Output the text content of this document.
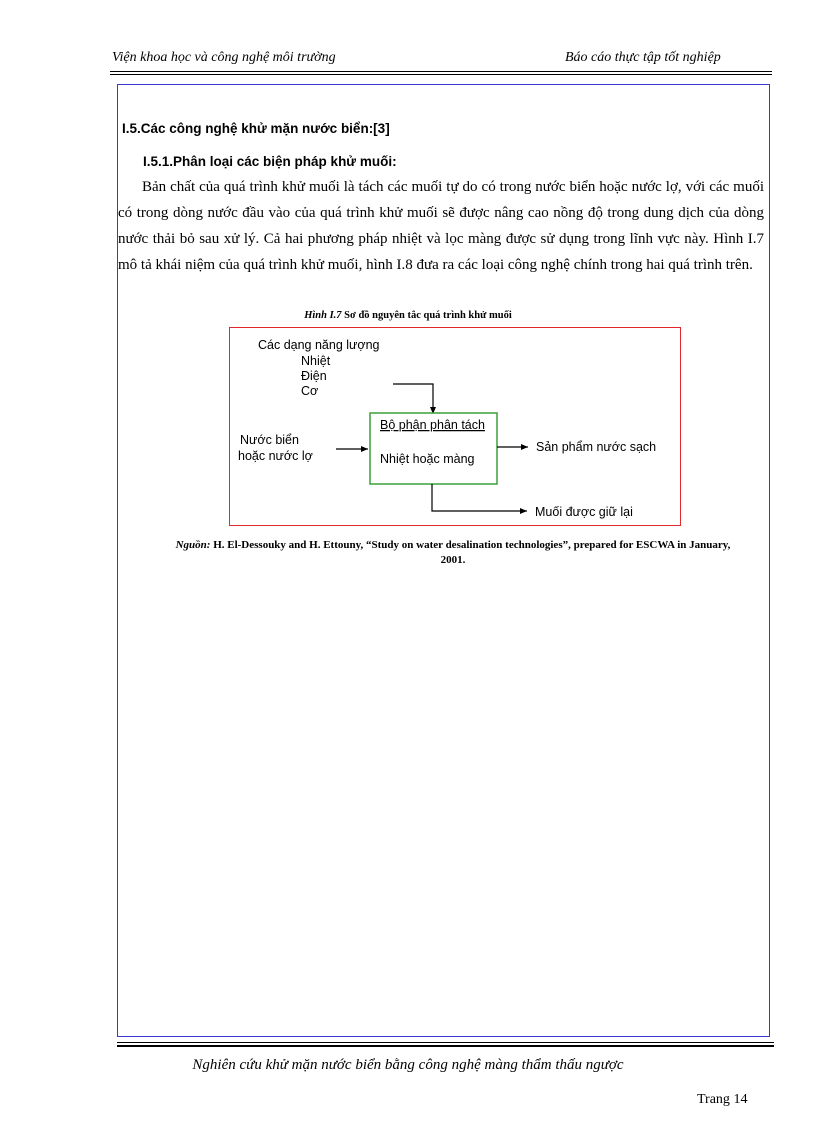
Viện khoa học và công nghệ môi trường	Báo cáo thực tập tốt nghiệp
I.5.Các công nghệ khử mặn nước biển:[3]
I.5.1.Phân loại các biện pháp khử muối:

Bản chất của quá trình khử muối là tách các muối tự do có trong nước biển hoặc nước lợ, với các muối có trong dòng nước đầu vào của quá trình khử muối sẽ được nâng cao nồng độ trong dung dịch của dòng nước thải bỏ sau xử lý. Cả hai phương pháp nhiệt và lọc màng được sử dụng trong lĩnh vực này. Hình I.7 mô tả khái niệm của quá trình khử muối, hình I.8 đưa ra các loại công nghệ chính trong hai quá trình trên.

Hình I.7 Sơ đồ nguyên tắc quá trình khử muối
Các dạng năng lượng
Nhiệt
Điện
Cơ
Nước biển
hoặc nước lợ
Bộ phận phân tách
Nhiệt hoặc màng
Sản phẩm nước sạch
Muối được giữ lại

Nguồn: H. El-Dessouky and H. Ettouny, “Study on water desalination technologies”, prepared for ESCWA in January, 2001.

Nghiên cứu khử mặn nước biển bằng công nghệ màng thẩm thấu ngược
Trang 14
